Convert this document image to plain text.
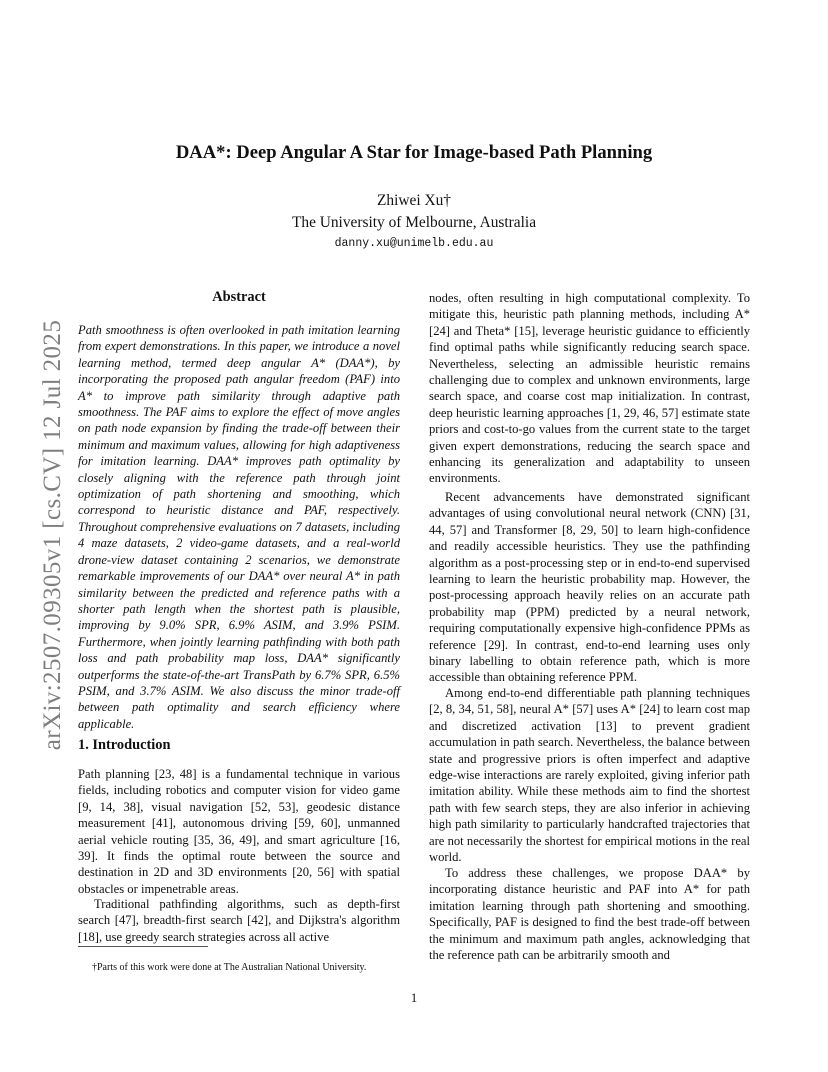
arXiv:2507.09305v1 [cs.CV] 12 Jul 2025
DAA*: Deep Angular A Star for Image-based Path Planning
Zhiwei Xu†
The University of Melbourne, Australia
danny.xu@unimelb.edu.au
Abstract

Path smoothness is often overlooked in path imitation learning from expert demonstrations. In this paper, we introduce a novel learning method, termed deep angular A* (DAA*), by incorporating the proposed path angular freedom (PAF) into A* to improve path similarity through adaptive path smoothness. The PAF aims to explore the effect of move angles on path node expansion by finding the trade-off between their minimum and maximum values, allowing for high adaptiveness for imitation learning. DAA* improves path optimality by closely aligning with the reference path through joint optimization of path shortening and smoothing, which correspond to heuristic distance and PAF, respectively. Throughout comprehensive evaluations on 7 datasets, including 4 maze datasets, 2 video-game datasets, and a real-world drone-view dataset containing 2 scenarios, we demonstrate remarkable improvements of our DAA* over neural A* in path similarity between the predicted and reference paths with a shorter path length when the shortest path is plausible, improving by 9.0% SPR, 6.9% ASIM, and 3.9% PSIM. Furthermore, when jointly learning pathfinding with both path loss and path probability map loss, DAA* significantly outperforms the state-of-the-art TransPath by 6.7% SPR, 6.5% PSIM, and 3.7% ASIM. We also discuss the minor trade-off between path optimality and search efficiency where applicable.

1. Introduction

Path planning [23, 48] is a fundamental technique in various fields, including robotics and computer vision for video game [9, 14, 38], visual navigation [52, 53], geodesic distance measurement [41], autonomous driving [59, 60], unmanned aerial vehicle routing [35, 36, 49], and smart agriculture [16, 39]. It finds the optimal route between the source and destination in 2D and 3D environments [20, 56] with spatial obstacles or impenetrable areas.

Traditional pathfinding algorithms, such as depth-first search [47], breadth-first search [42], and Dijkstra's algorithm [18], use greedy search strategies across all active

†Parts of this work were done at The Australian National University.

nodes, often resulting in high computational complexity. To mitigate this, heuristic path planning methods, including A* [24] and Theta* [15], leverage heuristic guidance to efficiently find optimal paths while significantly reducing search space. Nevertheless, selecting an admissible heuristic remains challenging due to complex and unknown environments, large search space, and coarse cost map initialization. In contrast, deep heuristic learning approaches [1, 29, 46, 57] estimate state priors and cost-to-go values from the current state to the target given expert demonstrations, reducing the search space and enhancing its generalization and adaptability to unseen environments.

Recent advancements have demonstrated significant advantages of using convolutional neural network (CNN) [31, 44, 57] and Transformer [8, 29, 50] to learn high-confidence and readily accessible heuristics. They use the pathfinding algorithm as a post-processing step or in end-to-end supervised learning to learn the heuristic probability map. However, the post-processing approach heavily relies on an accurate path probability map (PPM) predicted by a neural network, requiring computationally expensive high-confidence PPMs as reference [29]. In contrast, end-to-end learning uses only binary labelling to obtain reference path, which is more accessible than obtaining reference PPM.

Among end-to-end differentiable path planning techniques [2, 8, 34, 51, 58], neural A* [57] uses A* [24] to learn cost map and discretized activation [13] to prevent gradient accumulation in path search. Nevertheless, the balance between state and progressive priors is often imperfect and adaptive edge-wise interactions are rarely exploited, giving inferior path imitation ability. While these methods aim to find the shortest path with few search steps, they are also inferior in achieving high path similarity to particularly handcrafted trajectories that are not necessarily the shortest for empirical motions in the real world.

To address these challenges, we propose DAA* by incorporating distance heuristic and PAF into A* for path imitation learning through path shortening and smoothing. Specifically, PAF is designed to find the best trade-off between the minimum and maximum path angles, acknowledging that the reference path can be arbitrarily smooth and

1
